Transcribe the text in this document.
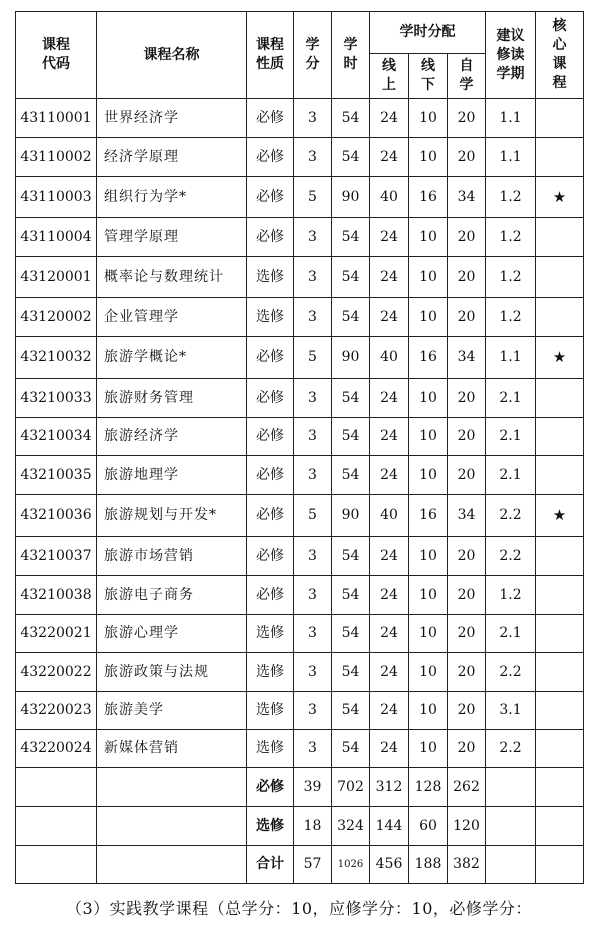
课程代码	课程名称	课程性质	学分	学时	学时分配			建议修读学期	核心课程
					线上	线下	自学		
43110001	世界经济学	必修	3	54	24	10	20	1.1	
43110002	经济学原理	必修	3	54	24	10	20	1.1	
43110003	组织行为学*	必修	5	90	40	16	34	1.2	★
43110004	管理学原理	必修	3	54	24	10	20	1.2	
43120001	概率论与数理统计	选修	3	54	24	10	20	1.2	
43120002	企业管理学	选修	3	54	24	10	20	1.2	
43210032	旅游学概论*	必修	5	90	40	16	34	1.1	★
43210033	旅游财务管理	必修	3	54	24	10	20	2.1	
43210034	旅游经济学	必修	3	54	24	10	20	2.1	
43210035	旅游地理学	必修	3	54	24	10	20	2.1	
43210036	旅游规划与开发*	必修	5	90	40	16	34	2.2	★
43210037	旅游市场营销	必修	3	54	24	10	20	2.2	
43210038	旅游电子商务	必修	3	54	24	10	20	1.2	
43220021	旅游心理学	选修	3	54	24	10	20	2.1	
43220022	旅游政策与法规	选修	3	54	24	10	20	2.2	
43220023	旅游美学	选修	3	54	24	10	20	3.1	
43220024	新媒体营销	选修	3	54	24	10	20	2.2	
		必修	39	702	312	128	262		
		选修	18	324	144	60	120		
		合计	57	1026	456	188	382		
（3）实践教学课程（总学分：10，应修学分：10，必修学分：
